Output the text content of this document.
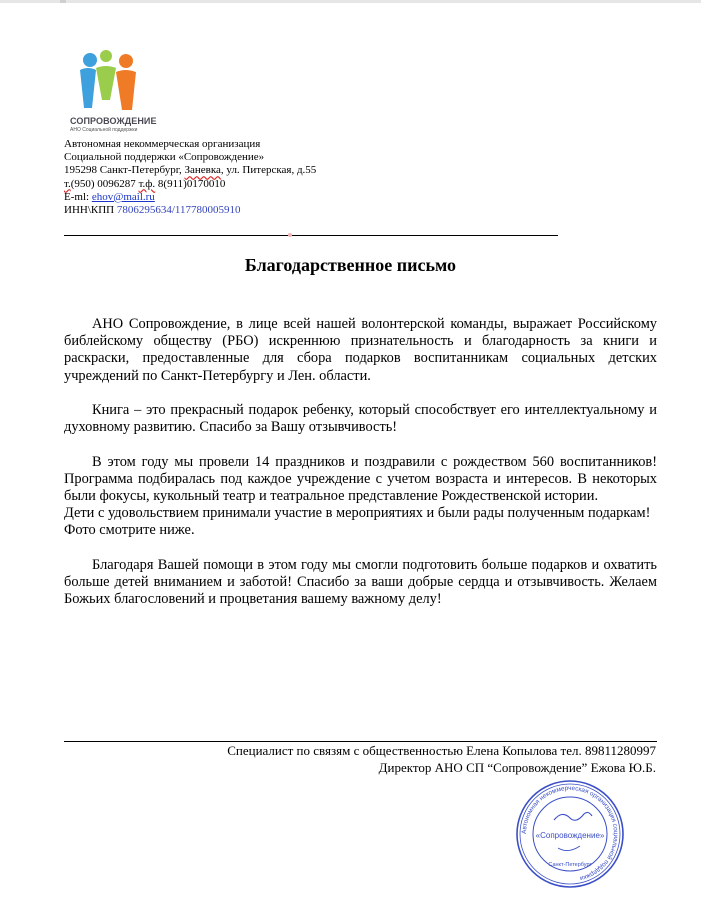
СОПРОВОЖДЕНИЕ
АНО Социальной поддержки
Автономная некоммерческая организация
Социальной поддержки «Сопровождение»
195298 Санкт-Петербург, Заневка, ул. Питерская, д.55
т.(950) 0096287 т.ф. 8(911)0170010
E-ml: ehov@mail.ru
ИНН\КПП 7806295634/117780005910
Благодарственное письмо

АНО Сопровождение, в лице всей нашей волонтерской команды, выражает Российскому библейскому обществу (РБО) искреннюю признательность и благодарность за книги и раскраски, предоставленные для сбора подарков воспитанникам социальных детских учреждений по Санкт-Петербургу и Лен. области.

Книга – это прекрасный подарок ребенку, который способствует его интеллектуальному и духовному развитию. Спасибо за Вашу отзывчивость!

В этом году мы провели 14 праздников и поздравили с рождеством 560 воспитанников! Программа подбиралась под каждое учреждение с учетом возраста и интересов. В некоторых были фокусы, кукольный театр и театральное представление Рождественской истории.

Дети с удовольствием принимали участие в мероприятиях и были рады полученным подаркам! Фото смотрите ниже.

Благодаря Вашей помощи в этом году мы смогли подготовить больше подарков и охватить больше детей вниманием и заботой! Спасибо за ваши добрые сердца и отзывчивость. Желаем Божьих благословений и процветания вашему важному делу!

Специалист по связям с общественностью Елена Копылова тел. 89811280997
Директор АНО СП “Сопровождение” Ежова Ю.Б.
Автономная некоммерческая организация социальной поддержки
«Сопровождение»
Санкт-Петербург
